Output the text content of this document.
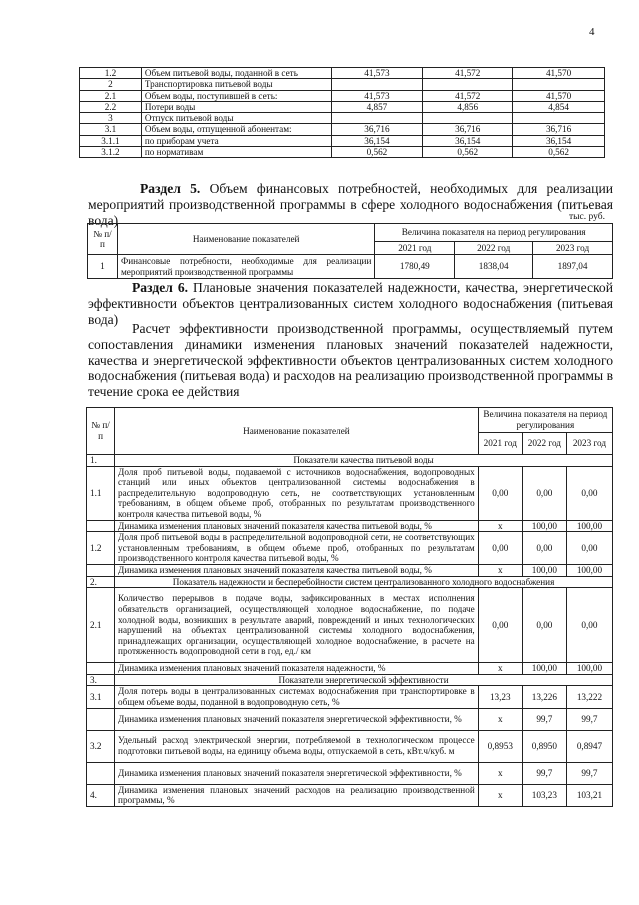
4
1.2	Объем питьевой воды, поданной в сеть	41,573	41,572	41,570
2	Транспортировка питьевой воды			
2.1	Объем воды, поступившей в сеть:	41,573	41,572	41,570
2.2	Потери воды	4,857	4,856	4,854
3	Отпуск питьевой воды			
3.1	Объем воды, отпущенной абонентам:	36,716	36,716	36,716
3.1.1	по приборам учета	36,154	36,154	36,154
3.1.2	по нормативам	0,562	0,562	0,562

Раздел 5. Объем финансовых потребностей, необходимых для реализации мероприятий производственной программы в сфере холодного водоснабжения (питьевая вода)	тыс. руб.
№ п/п	Наименование показателей	Величина показателя на период регулирования		
		2021 год	2022 год	2023 год
1	Финансовые потребности, необходимые для реализации мероприятий производственной программы	1780,49	1838,04	1897,04

Раздел 6. Плановые значения показателей надежности, качества, энергетической эффективности объектов централизованных систем холодного водоснабжения (питьевая вода)

Расчет эффективности производственной программы, осуществляемый путем сопоставления динамики изменения плановых значений показателей надежности, качества и энергетической эффективности объектов централизованных систем холодного водоснабжения (питьевая вода) и расходов на реализацию производственной программы в течение срока ее действия

№ п/п	Наименование показателей	Величина показателя на период регулирования		
		2021 год	2022 год	2023 год
1.	Показатели качества питьевой воды			
1.1	Доля проб питьевой воды, подаваемой с источников водоснабжения, водопроводных станций или иных объектов централизованной системы водоснабжения в распределительную водопроводную сеть, не соответствующих установленным требованиям, в общем объеме проб, отобранных по результатам производственного контроля качества питьевой воды, %	0,00	0,00	0,00
	Динамика изменения плановых значений показателя качества питьевой воды, %	х	100,00	100,00
1.2	Доля проб питьевой воды в распределительной водопроводной сети, не соответствующих установленным требованиям, в общем объеме проб, отобранных по результатам производственного контроля качества питьевой воды, %	0,00	0,00	0,00
	Динамика изменения плановых значений показателя качества питьевой воды, %	х	100,00	100,00
2.	Показатель надежности и бесперебойности систем централизованного холодного водоснабжения			
2.1	Количество перерывов в подаче воды, зафиксированных в местах исполнения обязательств организацией, осуществляющей холодное водоснабжение, по подаче холодной воды, возникших в результате аварий, повреждений и иных технологических нарушений на объектах централизованной системы холодного водоснабжения, принадлежащих организации, осуществляющей холодное водоснабжение, в расчете на протяженность водопроводной сети в год, ед./ км	0,00	0,00	0,00
	Динамика изменения плановых значений показателя надежности, %	х	100,00	100,00
3.	Показатели энергетической эффективности			
3.1	Доля потерь воды в централизованных системах водоснабжения при транспортировке в общем объеме воды, поданной в водопроводную сеть, %	13,23	13,226	13,222
	Динамика изменения плановых значений показателя энергетической эффективности, %	х	99,7	99,7
3.2	Удельный расход электрической энергии, потребляемой в технологическом процессе подготовки питьевой воды, на единицу объема воды, отпускаемой в сеть, кВт.ч/куб. м	0,8953	0,8950	0,8947
	Динамика изменения плановых значений показателя энергетической эффективности, %	х	99,7	99,7
4.	Динамика изменения плановых значений расходов на реализацию производственной программы, %	х	103,23	103,21
